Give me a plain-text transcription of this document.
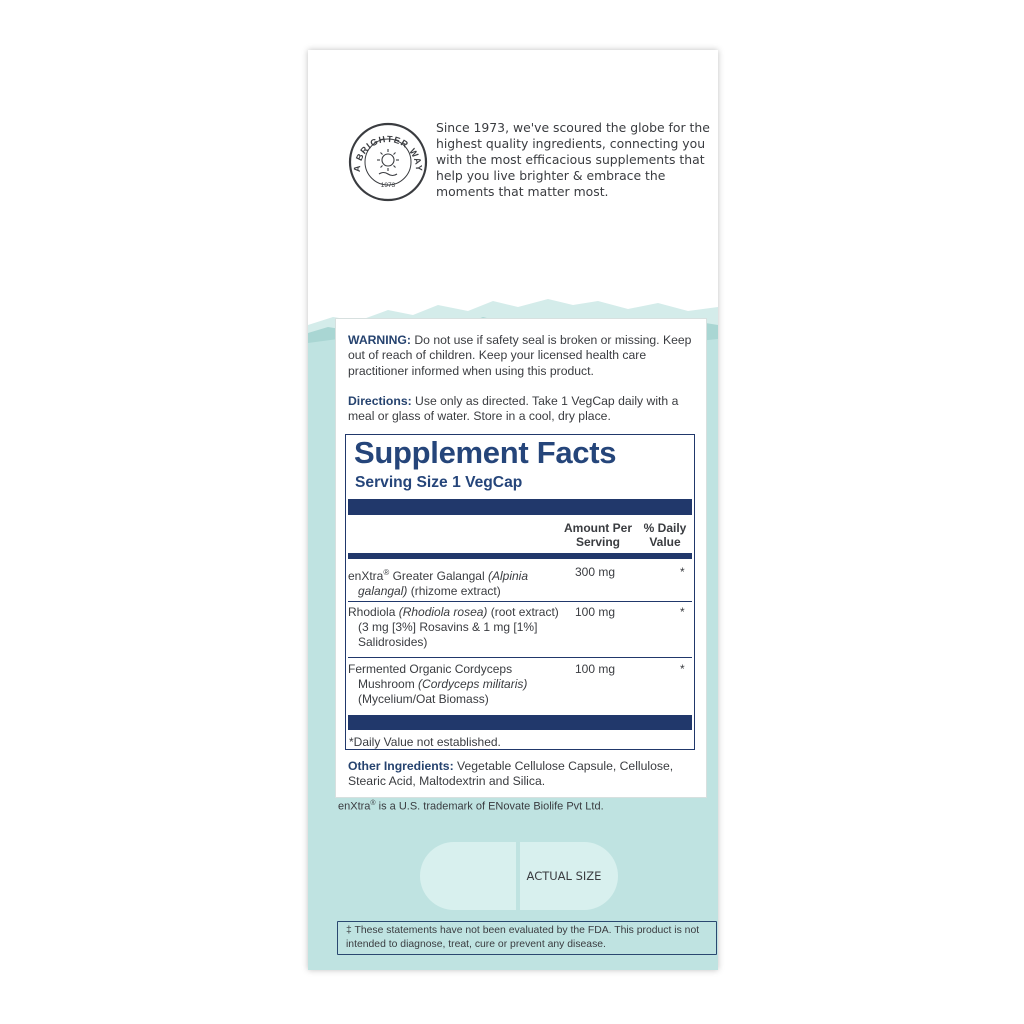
A BRIGHTER WAY
1973

Since 1973, we've scoured the globe for the highest quality ingredients, connecting you with the most efficacious supplements that help you live brighter & embrace the moments that matter most.

WARNING: Do not use if safety seal is broken or missing. Keep out of reach of children. Keep your licensed health care practitioner informed when using this product.

Directions: Use only as directed. Take 1 VegCap daily with a meal or glass of water. Store in a cool, dry place.

Supplement Facts

Serving Size 1 VegCap

Amount Per Serving

% Daily Value

enXtra® Greater Galangal (Alpinia
galangal) (rhizome extract)

300 mg	*

Rhodiola (Rhodiola rosea) (root extract)
(3 mg [3%] Rosavins & 1 mg [1%]
Salidrosides)

100 mg	*

Fermented Organic Cordyceps
Mushroom (Cordyceps militaris)
(Mycelium/Oat Biomass)

100 mg	*

*Daily Value not established.

Other Ingredients: Vegetable Cellulose Capsule, Cellulose, Stearic Acid, Maltodextrin and Silica.

enXtra® is a U.S. trademark of ENovate Biolife Pvt Ltd.

ACTUAL SIZE

‡ These statements have not been evaluated by the FDA. This product is not intended to diagnose, treat, cure or prevent any disease.
